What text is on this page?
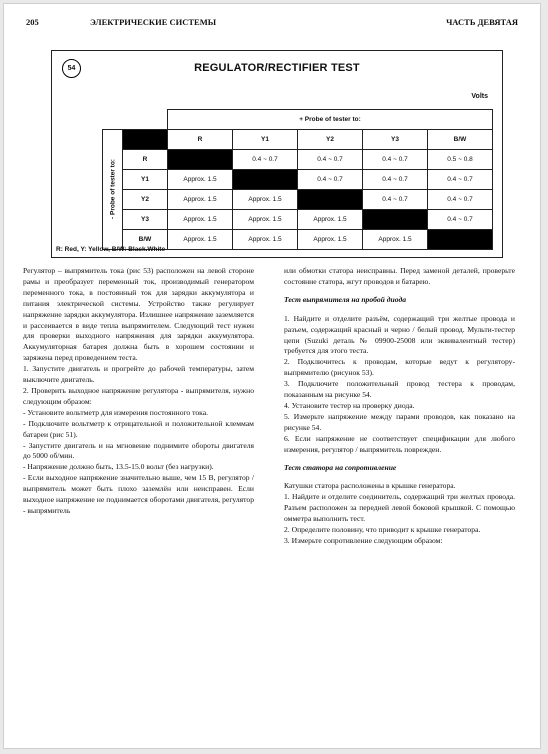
205	ЭЛЕКТРИЧЕСКИЕ СИСТЕМЫ	ЧАСТЬ ДЕВЯТАЯ
54	REGULATOR/RECTIFIER TEST
Volts
		+ Probe of tester to:				

- Probe of tester to:		R	Y1	Y2	Y3	B/W
	R		0.4 ~ 0.7	0.4 ~ 0.7	0.4 ~ 0.7	0.5 ~ 0.8
	Y1	Approx. 1.5		0.4 ~ 0.7	0.4 ~ 0.7	0.4 ~ 0.7
	Y2	Approx. 1.5	Approx. 1.5		0.4 ~ 0.7	0.4 ~ 0.7
	Y3	Approx. 1.5	Approx. 1.5	Approx. 1.5		0.4 ~ 0.7
	B/W	Approx. 1.5	Approx. 1.5	Approx. 1.5	Approx. 1.5	
R: Red, Y: Yellow, B/W: Black.White

Регулятор – выпрямитель тока (рис 53) расположен на левой стороне рамы и преобразует переменный ток, производимый генератором переменного тока, в постоянный ток для зарядки аккумулятора и питания электрической системы. Устройство также регулирует напряжение зарядки аккумулятора. Излишнее напряжение заземляется и рассеивается в виде тепла выпрямителем. Следующий тест нужен для проверки выходного напряжения для зарядки аккумулятора. Аккумуляторная батарея должна быть в хорошем состоянии и заряжена перед проведением теста.

1. Запустите двигатель и прогрейте до рабочей температуры, затем выключите двигатель.

2. Проверить выходное напряжение регулятора - выпрямителя, нужно следующим образом:

- Установите вольтметр для измерения постоянного тока.

- Подключите вольтметр к отрицательной и положительной клеммам батареи (рис 51).

- Запустите двигатель и на мгновение поднимите обороты двигателя до 5000 об/мин.

- Напряжение должно быть, 13.5-15.0 вольт (без нагрузки).

- Если выходное напряжение значительно выше, чем 15 В, регулятор / выпрямитель может быть плохо заземлён или неисправен. Если выходное напряжение не поднимается оборотами двигателя, регулятор - выпрямитель

или обмотки статора неисправны. Перед заменой деталей, проверьте состояние статора, жгут проводов и батарею.

Тест выпрямителя на пробой диода

1. Найдите и отделите разъём, содержащий три желтые провода и разъем, содержащий красный и черно / белый провод. Мульти-тестер цепи (Suzuki деталь № 09900-25008 или эквивалентный тестер) требуется для этого теста.

2. Подключитесь к проводам, которые ведут к регулятору-выпрямителю (рисунок 53).

3. Подключите положительный провод тестера к проводам, показанным на рисунке 54.

4. Установите тестер на проверку диода.

5. Измерьте напряжение между парами проводов, как показано на рисунке 54.

6. Если напряжение не соответствует спецификации для любого измерения, регулятор / выпрямитель поврежден.

Тест статора на сопротивление

Катушки статора расположены в крышке генератора.

1. Найдите и отделите соединитель, содержащий три желтых провода. Разъем расположен за передней левой боковой крышкой. С помощью омметра выполнить тест.

2. Определите половину, что приводит к крышке генератора.

3. Измерьте сопротивление следующим образом:
